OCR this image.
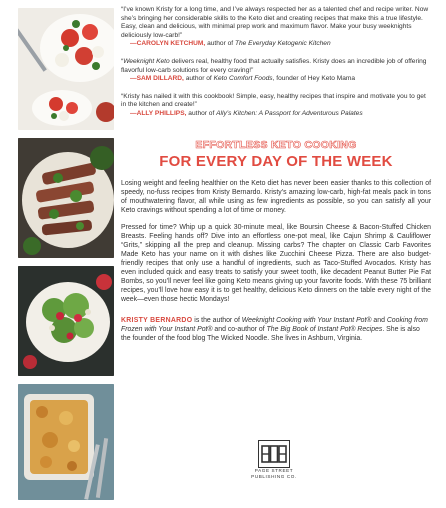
“I’ve known Kristy for a long time, and I’ve always respected her as a talented chef and recipe writer. Now she’s bringing her considerable skills to the Keto diet and creating recipes that make this a true lifestyle. Easy, clean and delicious, with minimal prep work and maximum flavor. Make your busy weeknights deliciously low-carb!”

—CAROLYN KETCHUM, author of The Everyday Ketogenic Kitchen

“Weeknight Keto delivers real, healthy food that actually satisfies. Kristy does an incredible job of offering flavorful low-carb solutions for every craving!”

—SAM DILLARD, author of Keto Comfort Foods, founder of Hey Keto Mama

“Kristy has nailed it with this cookbook! Simple, easy, healthy recipes that inspire and motivate you to get in the kitchen and create!”

—ALLY PHILLIPS, author of Ally’s Kitchen: A Passport for Adventurous Palates

EFFORTLESS KETO COOKING
FOR EVERY DAY OF THE WEEK

Losing weight and feeling healthier on the Keto diet has never been easier thanks to this collection of speedy, no-fuss recipes from Kristy Bernardo. Kristy’s amazing low-carb, high-fat meals pack in tons of mouthwatering flavor, all while using as few ingredients as possible, so you can satisfy all your Keto cravings without spending a lot of time or money.

Pressed for time? Whip up a quick 30-minute meal, like Boursin Cheese & Bacon-Stuffed Chicken Breasts. Feeling hands off? Dive into an effortless one-pot meal, like Cajun Shrimp & Cauliflower “Grits,” skipping all the prep and cleanup. Missing carbs? The chapter on Classic Carb Favorites Made Keto has your name on it with dishes like Zucchini Cheese Pizza. There are also budget-friendly recipes that only use a handful of ingredients, such as Taco-Stuffed Avocados. Kristy has even included quick and easy treats to satisfy your sweet tooth, like decadent Peanut Butter Pie Fat Bombs, so you’ll never feel like going Keto means giving up your favorite foods. With these 75 brilliant recipes, you’ll love how easy it is to get healthy, delicious Keto dinners on the table every night of the week—even those hectic Mondays!

KRISTY BERNARDO is the author of Weeknight Cooking with Your Instant Pot® and Cooking from Frozen with Your Instant Pot® and co-author of The Big Book of Instant Pot® Recipes. She is also the founder of the food blog The Wicked Noodle. She lives in Ashburn, Virginia.

PAGE STREET
PUBLISHING CO.
